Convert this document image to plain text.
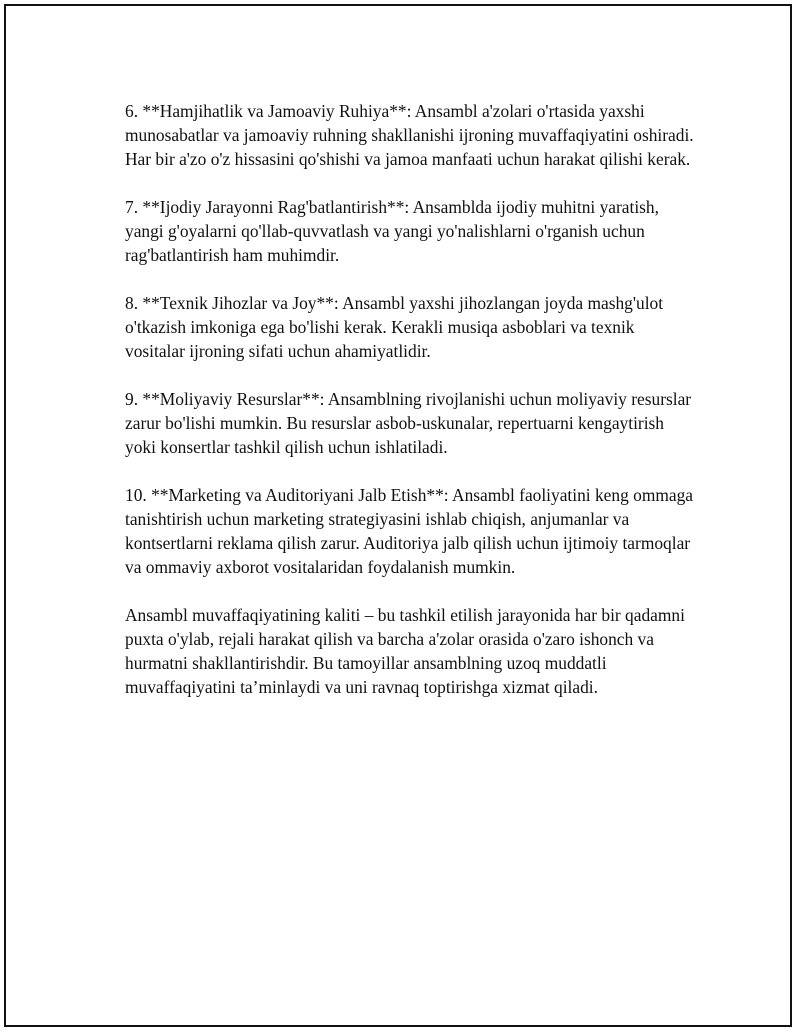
6. **Hamjihatlik va Jamoaviy Ruhiya**: Ansambl a'zolari o'rtasida yaxshi munosabatlar va jamoaviy ruhning shakllanishi ijroning muvaffaqiyatini oshiradi. Har bir a'zo o'z hissasini qo'shishi va jamoa manfaati uchun harakat qilishi kerak.

7. **Ijodiy Jarayonni Rag'batlantirish**: Ansamblda ijodiy muhitni yaratish, yangi g'oyalarni qo'llab-quvvatlash va yangi yo'nalishlarni o'rganish uchun rag'batlantirish ham muhimdir.

8. **Texnik Jihozlar va Joy**: Ansambl yaxshi jihozlangan joyda mashg'ulot o'tkazish imkoniga ega bo'lishi kerak. Kerakli musiqa asboblari va texnik vositalar ijroning sifati uchun ahamiyatlidir.

9. **Moliyaviy Resurslar**: Ansamblning rivojlanishi uchun moliyaviy resurslar zarur bo'lishi mumkin. Bu resurslar asbob-uskunalar, repertuarni kengaytirish yoki konsertlar tashkil qilish uchun ishlatiladi.

10. **Marketing va Auditoriyani Jalb Etish**: Ansambl faoliyatini keng ommaga tanishtirish uchun marketing strategiyasini ishlab chiqish, anjumanlar va kontsertlarni reklama qilish zarur. Auditoriya jalb qilish uchun ijtimoiy tarmoqlar va ommaviy axborot vositalaridan foydalanish mumkin.

Ansambl muvaffaqiyatining kaliti – bu tashkil etilish jarayonida har bir qadamni puxta o'ylab, rejali harakat qilish va barcha a'zolar orasida o'zaro ishonch va hurmatni shakllantirishdir. Bu tamoyillar ansamblning uzoq muddatli muvaffaqiyatini ta’minlaydi va uni ravnaq toptirishga xizmat qiladi.
